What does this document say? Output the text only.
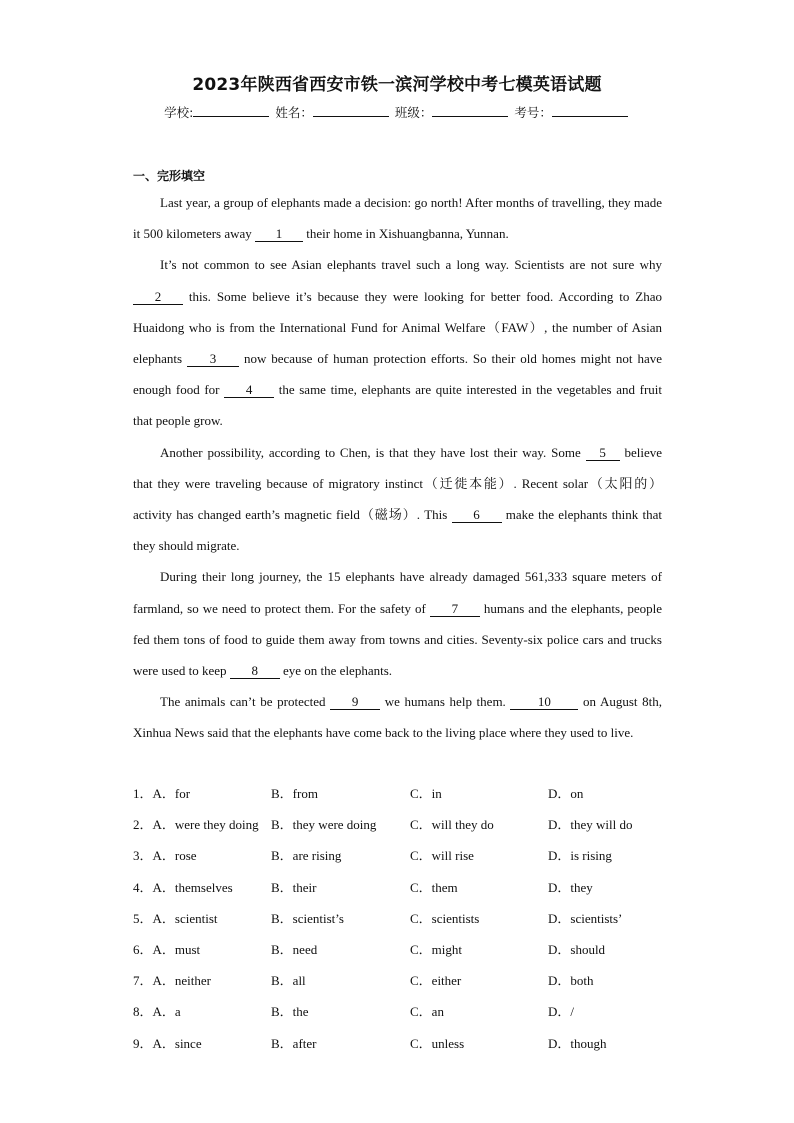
2023年陕西省西安市铁一滨河学校中考七模英语试题
学校:	姓名：	班级：	考号：
一、完形填空

Last year, a group of elephants made a decision: go north! After months of travelling, they made it 500 kilometers away 1 their home in Xishuangbanna, Yunnan.

It’s not common to see Asian elephants travel such a long way. Scientists are not sure why 2 this. Some believe it’s because they were looking for better food. According to Zhao Huaidong who is from the International Fund for Animal Welfare（FAW）, the number of Asian elephants 3 now because of human protection efforts. So their old homes might not have enough food for 4 the same time, elephants are quite interested in the vegetables and fruit that people grow.

Another possibility, according to Chen, is that they have lost their way. Some 5 believe that they were traveling because of migratory instinct（迁徙本能）. Recent solar（太阳的）activity has changed earth’s magnetic field（磁场）. This 6 make the elephants think that they should migrate.

During their long journey, the 15 elephants have already damaged 561,333 square meters of farmland, so we need to protect them. For the safety of 7 humans and the elephants, people fed them tons of food to guide them away from towns and cities. Seventy-six police cars and trucks were used to keep 8 eye on the elephants.

The animals can’t be protected 9 we humans help them. 10 on August 8th, Xinhua News said that the elephants have come back to the living place where they used to live.

1．A．for	B．from	C．in	D．on
2．A．were they doing B．they were doing	C．will they do	D．they will do
3．A．rose	B．are rising	C．will rise	D．is rising
4．A．themselves	B．their	C．them	D．they
5．A．scientist	B．scientist’s	C．scientists	D．scientists’
6．A．must	B．need	C．might	D．should
7．A．neither	B．all	C．either	D．both
8．A．a	B．the	C．an	D．/
9．A．since	B．after	C．unless	D．though
